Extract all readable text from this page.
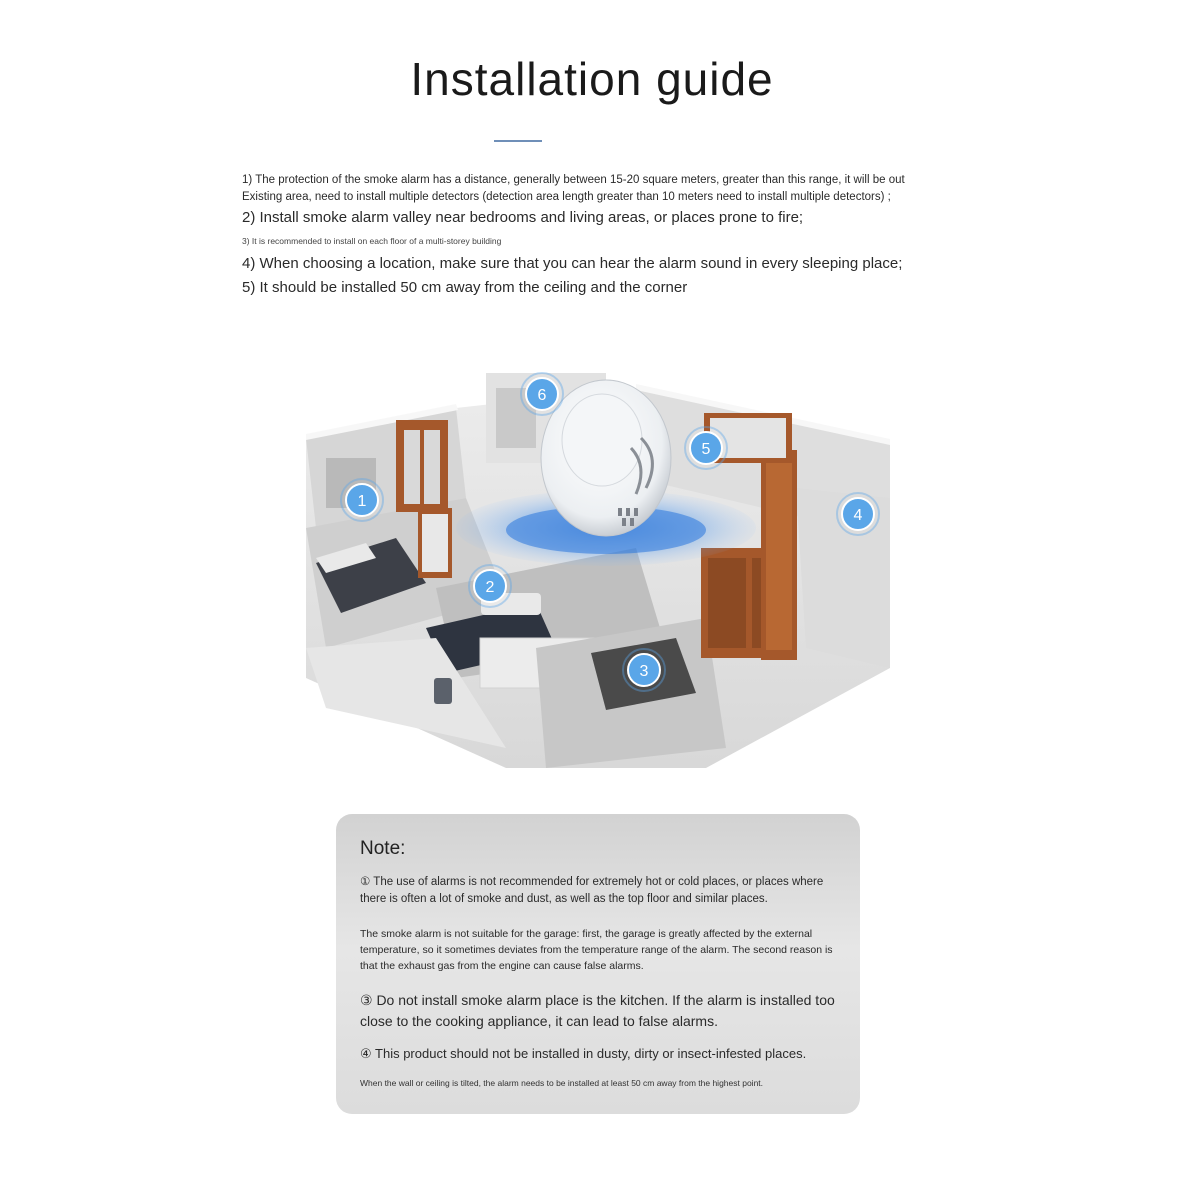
Installation guide
1) The protection of the smoke alarm has a distance, generally between 15-20 square meters, greater than this range, it will be out
Existing area, need to install multiple detectors (detection area length greater than 10 meters need to install multiple detectors) ;
2) Install smoke alarm valley near bedrooms and living areas, or places prone to fire;
3) It is recommended to install on each floor of a multi-storey building
4) When choosing a location, make sure that you can hear the alarm sound in every sleeping place;
5) It should be installed 50 cm away from the ceiling and the corner
1
2
3
4
5
6
Note:
① The use of alarms is not recommended for extremely hot or cold places, or places where there is often a lot of smoke and dust, as well as the top floor and similar places.
The smoke alarm is not suitable for the garage: first, the garage is greatly affected by the external temperature, so it sometimes deviates from the temperature range of the alarm. The second reason is that the exhaust gas from the engine can cause false alarms.
③ Do not install smoke alarm place is the kitchen. If the alarm is installed too close to the cooking appliance, it can lead to false alarms.
④ This product should not be installed in dusty, dirty or insect-infested places.
When the wall or ceiling is tilted, the alarm needs to be installed at least 50 cm away from the highest point.
